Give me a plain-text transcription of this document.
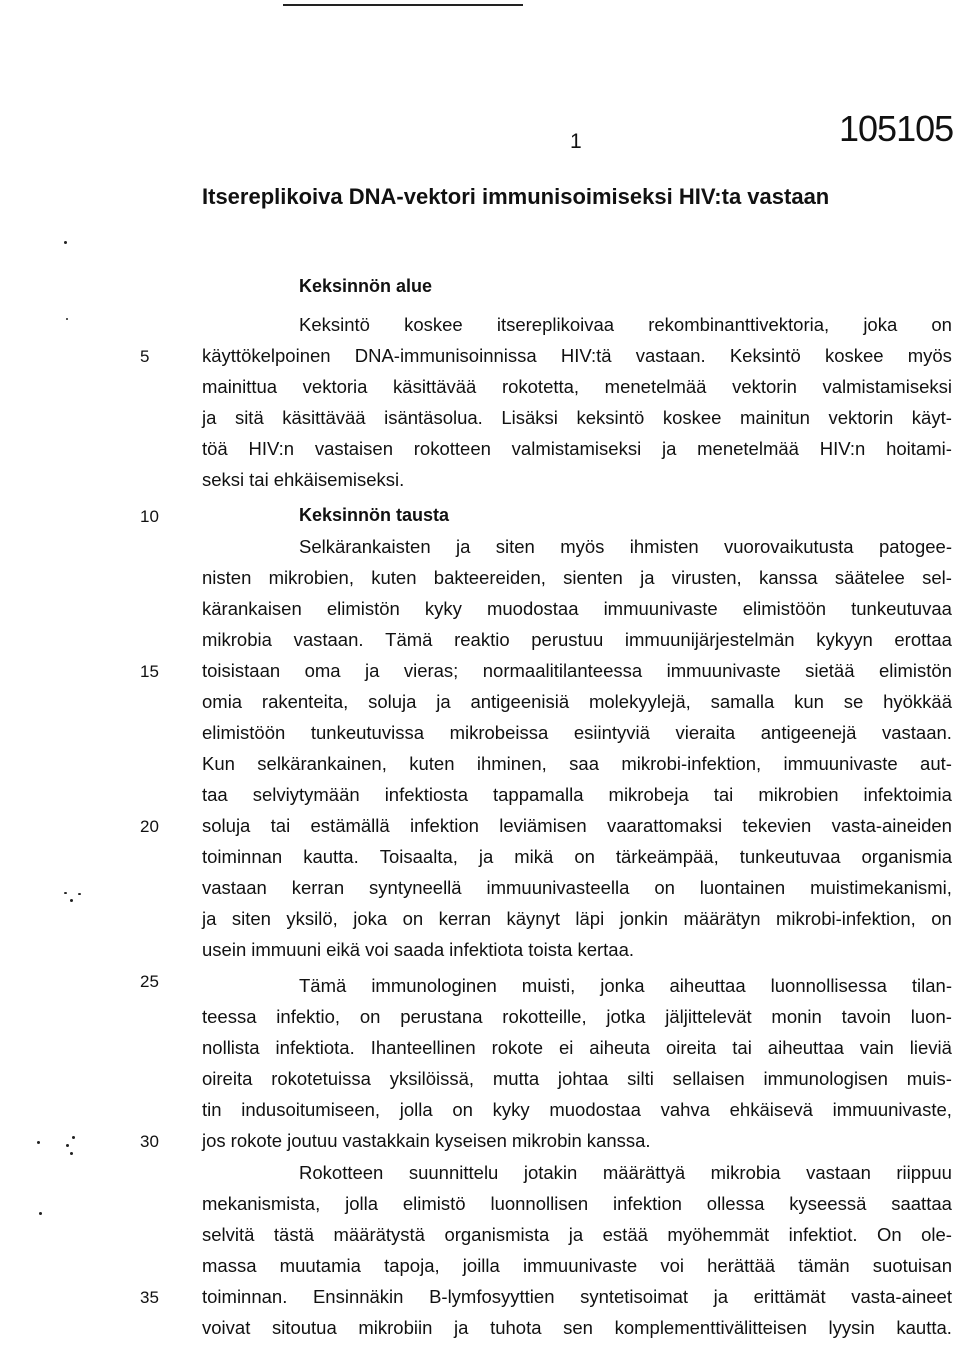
1	105105
Itsereplikoiva DNA-vektori immunisoimiseksi HIV:ta vastaan
Keksinnön alue
Keksinnön tausta
Keksintö koskee itsereplikoivaa rekombinanttivektoria, joka on
käyttökelpoinen DNA-immunisoinnissa HIV:tä vastaan. Keksintö koskee myös
mainittua vektoria käsittävää rokotetta, menetelmää vektorin valmistamiseksi
ja sitä käsittävää isäntäsolua. Lisäksi keksintö koskee mainitun vektorin käyt-
töä HIV:n vastaisen rokotteen valmistamiseksi ja menetelmää HIV:n hoitami-
seksi tai ehkäisemiseksi.
Selkärankaisten ja siten myös ihmisten vuorovaikutusta patogee-
nisten mikrobien, kuten bakteereiden, sienten ja virusten, kanssa säätelee sel-
kärankaisen elimistön kyky muodostaa immuunivaste elimistöön tunkeutuvaa
mikrobia vastaan. Tämä reaktio perustuu immuunijärjestelmän kykyyn erottaa
toisistaan oma ja vieras; normaalitilanteessa immuunivaste sietää elimistön
omia rakenteita, soluja ja antigeenisiä molekyylejä, samalla kun se hyökkää
elimistöön tunkeutuvissa mikrobeissa esiintyviä vieraita antigeenejä vastaan.
Kun selkärankainen, kuten ihminen, saa mikrobi-infektion, immuunivaste aut-
taa selviytymään infektiosta tappamalla mikrobeja tai mikrobien infektoimia
soluja tai estämällä infektion leviämisen vaarattomaksi tekevien vasta-aineiden
toiminnan kautta. Toisaalta, ja mikä on tärkeämpää, tunkeutuvaa organismia
vastaan kerran syntyneellä immuunivasteella on luontainen muistimekanismi,
ja siten yksilö, joka on kerran käynyt läpi jonkin määrätyn mikrobi-infektion, on
usein immuuni eikä voi saada infektiota toista kertaa.
Tämä immunologinen muisti, jonka aiheuttaa luonnollisessa tilan-
teessa infektio, on perustana rokotteille, jotka jäljittelevät monin tavoin luon-
nollista infektiota. Ihanteellinen rokote ei aiheuta oireita tai aiheuttaa vain lieviä
oireita rokotetuissa yksilöissä, mutta johtaa silti sellaisen immunologisen muis-
tin indusoitumiseen, jolla on kyky muodostaa vahva ehkäisevä immuunivaste,
jos rokote joutuu vastakkain kyseisen mikrobin kanssa.
Rokotteen suunnittelu jotakin määrättyä mikrobia vastaan riippuu
mekanismista, jolla elimistö luonnollisen infektion ollessa kyseessä saattaa
selvitä tästä määrätystä organismista ja estää myöhemmät infektiot. On ole-
massa muutamia tapoja, joilla immuunivaste voi herättää tämän suotuisan
toiminnan. Ensinnäkin B-lymfosyyttien syntetisoimat ja erittämät vasta-aineet
voivat sitoutua mikrobiin ja tuhota sen komplementtivälitteisen lyysin kautta.
5
10
15
20
25
30
35
